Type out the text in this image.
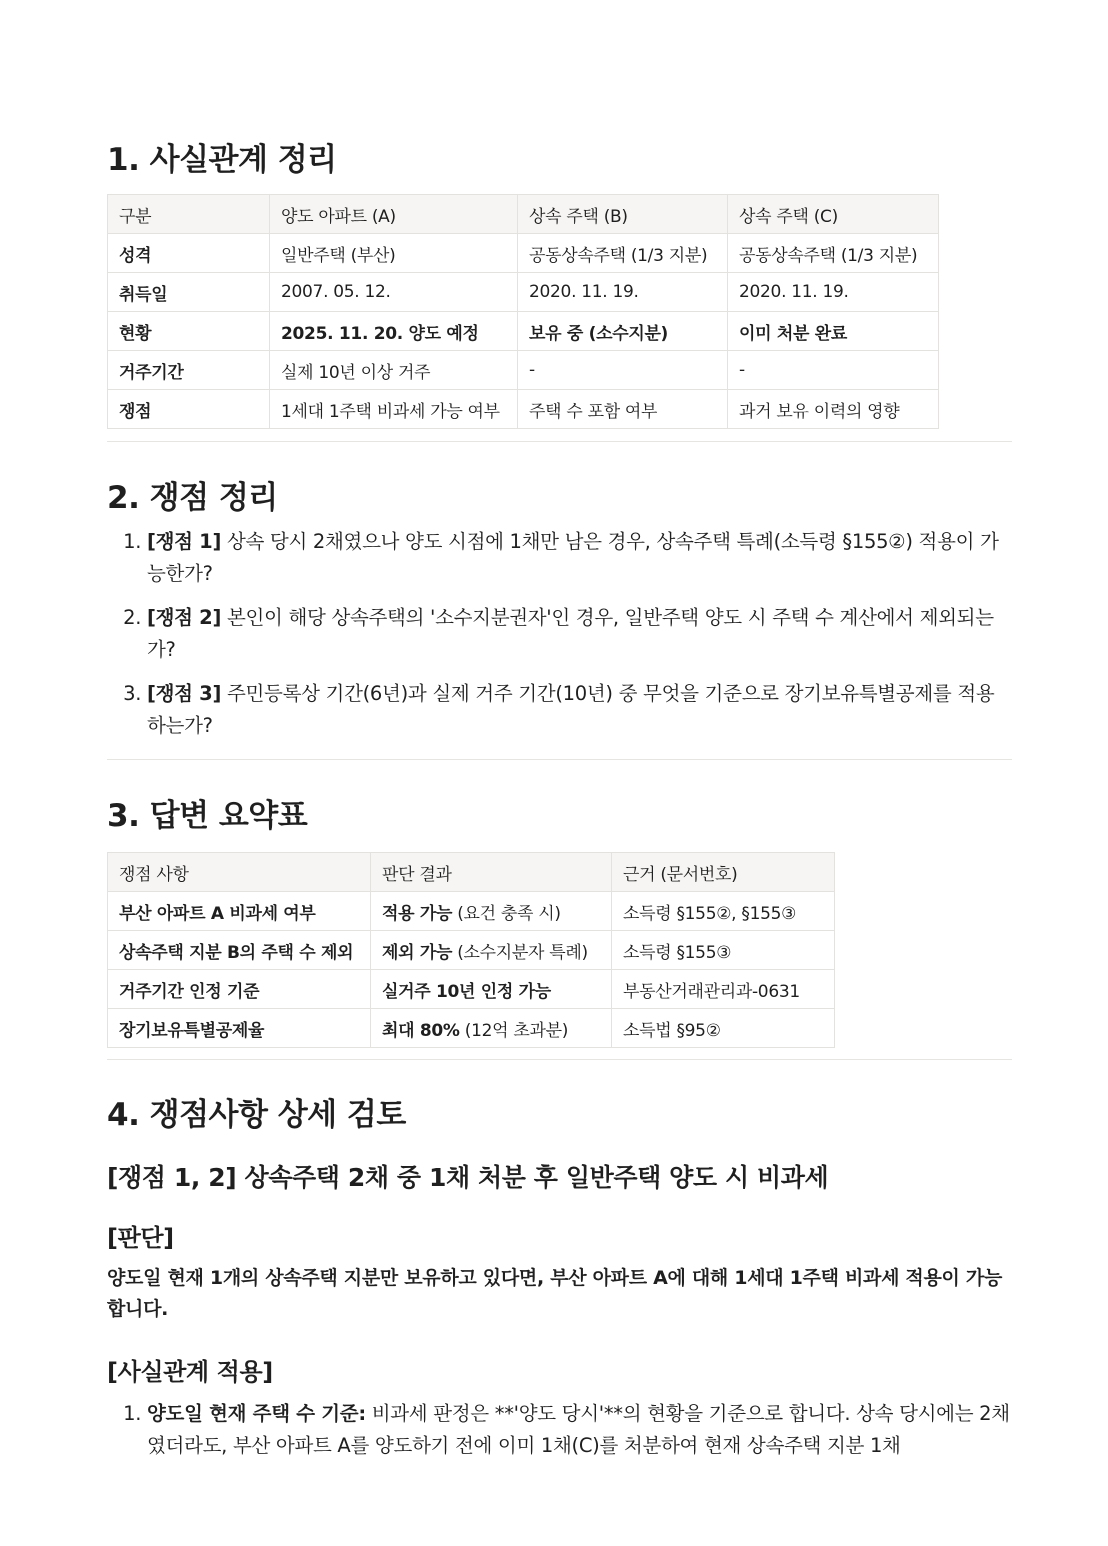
1. 사실관계 정리
구분	양도 아파트 (A)	상속 주택 (B)	상속 주택 (C)
성격	일반주택 (부산)	공동상속주택 (1/3 지분)	공동상속주택 (1/3 지분)
취득일	2007. 05. 12.	2020. 11. 19.	2020. 11. 19.
현황	2025. 11. 20. 양도 예정	보유 중 (소수지분)	이미 처분 완료
거주기간	실제 10년 이상 거주	-	-
쟁점	1세대 1주택 비과세 가능 여부	주택 수 포함 여부	과거 보유 이력의 영향
2. 쟁점 정리
1. [쟁점 1] 상속 당시 2채였으나 양도 시점에 1채만 남은 경우, 상속주택 특례(소득령 §155②) 적용이 가능한가?
2. [쟁점 2] 본인이 해당 상속주택의 '소수지분권자'인 경우, 일반주택 양도 시 주택 수 계산에서 제외되는가?
3. [쟁점 3] 주민등록상 기간(6년)과 실제 거주 기간(10년) 중 무엇을 기준으로 장기보유특별공제를 적용하는가?
3. 답변 요약표
쟁점 사항	판단 결과	근거 (문서번호)
부산 아파트 A 비과세 여부	적용 가능 (요건 충족 시)	소득령 §155②, §155③
상속주택 지분 B의 주택 수 제외	제외 가능 (소수지분자 특례)	소득령 §155③
거주기간 인정 기준	실거주 10년 인정 가능	부동산거래관리과-0631
장기보유특별공제율	최대 80% (12억 초과분)	소득법 §95②
4. 쟁점사항 상세 검토
[쟁점 1, 2] 상속주택 2채 중 1채 처분 후 일반주택 양도 시 비과세
[판단]

양도일 현재 1개의 상속주택 지분만 보유하고 있다면, 부산 아파트 A에 대해 1세대 1주택 비과세 적용이 가능합니다.

[사실관계 적용]
1. 양도일 현재 주택 수 기준: 비과세 판정은 **'양도 당시'**의 현황을 기준으로 합니다. 상속 당시에는 2채였더라도, 부산 아파트 A를 양도하기 전에 이미 1채(C)를 처분하여 현재 상속주택 지분 1채
